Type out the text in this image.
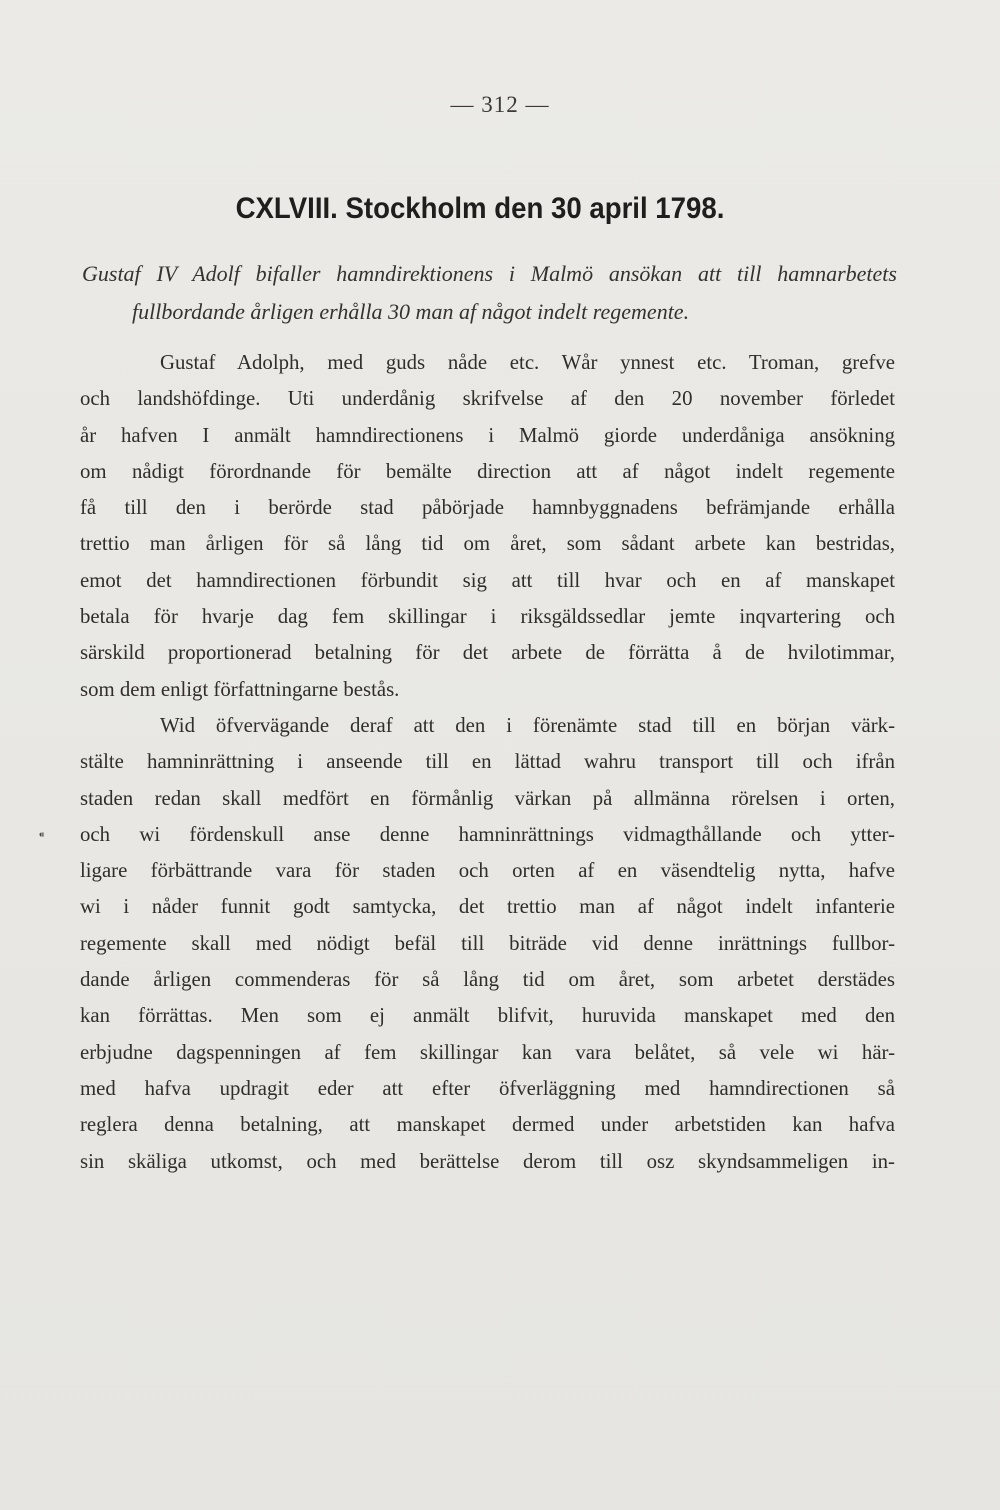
— 312 —
CXLVIII. Stockholm den 30 april 1798.
Gustaf IV Adolf bifaller hamndirektionens i Malmö ansökan att till hamnarbetets
fullbordande årligen erhålla 30 man af något indelt regemente.
⁌
Gustaf Adolph, med guds nåde etc. Wår ynnest etc. Troman, grefve
och landshöfdinge. Uti underdånig skrifvelse af den 20 november förledet
år hafven I anmält hamndirectionens i Malmö giorde underdåniga ansökning
om nådigt förordnande för bemälte direction att af något indelt regemente
få till den i berörde stad påbörjade hamnbyggnadens befrämjande erhålla
trettio man årligen för så lång tid om året, som sådant arbete kan bestridas,
emot det hamndirectionen förbundit sig att till hvar och en af manskapet
betala för hvarje dag fem skillingar i riksgäldssedlar jemte inqvartering och
särskild proportionerad betalning för det arbete de förrätta å de hvilotimmar,
som dem enligt författningarne bestås.
Wid öfvervägande deraf att den i förenämte stad till en början värk-
stälte hamninrättning i anseende till en lättad wahru transport till och ifrån
staden redan skall medfört en förmånlig värkan på allmänna rörelsen i orten,
och wi fördenskull anse denne hamninrättnings vidmagthållande och ytter-
ligare förbättrande vara för staden och orten af en väsendtelig nytta, hafve
wi i nåder funnit godt samtycka, det trettio man af något indelt infanterie
regemente skall med nödigt befäl till biträde vid denne inrättnings fullbor-
dande årligen commenderas för så lång tid om året, som arbetet derstädes
kan förrättas. Men som ej anmält blifvit, huruvida manskapet med den
erbjudne dagspenningen af fem skillingar kan vara belåtet, så vele wi här-
med hafva updragit eder att efter öfverläggning med hamndirectionen så
reglera denna betalning, att manskapet dermed under arbetstiden kan hafva
sin skäliga utkomst, och med berättelse derom till osz skyndsammeligen in-
